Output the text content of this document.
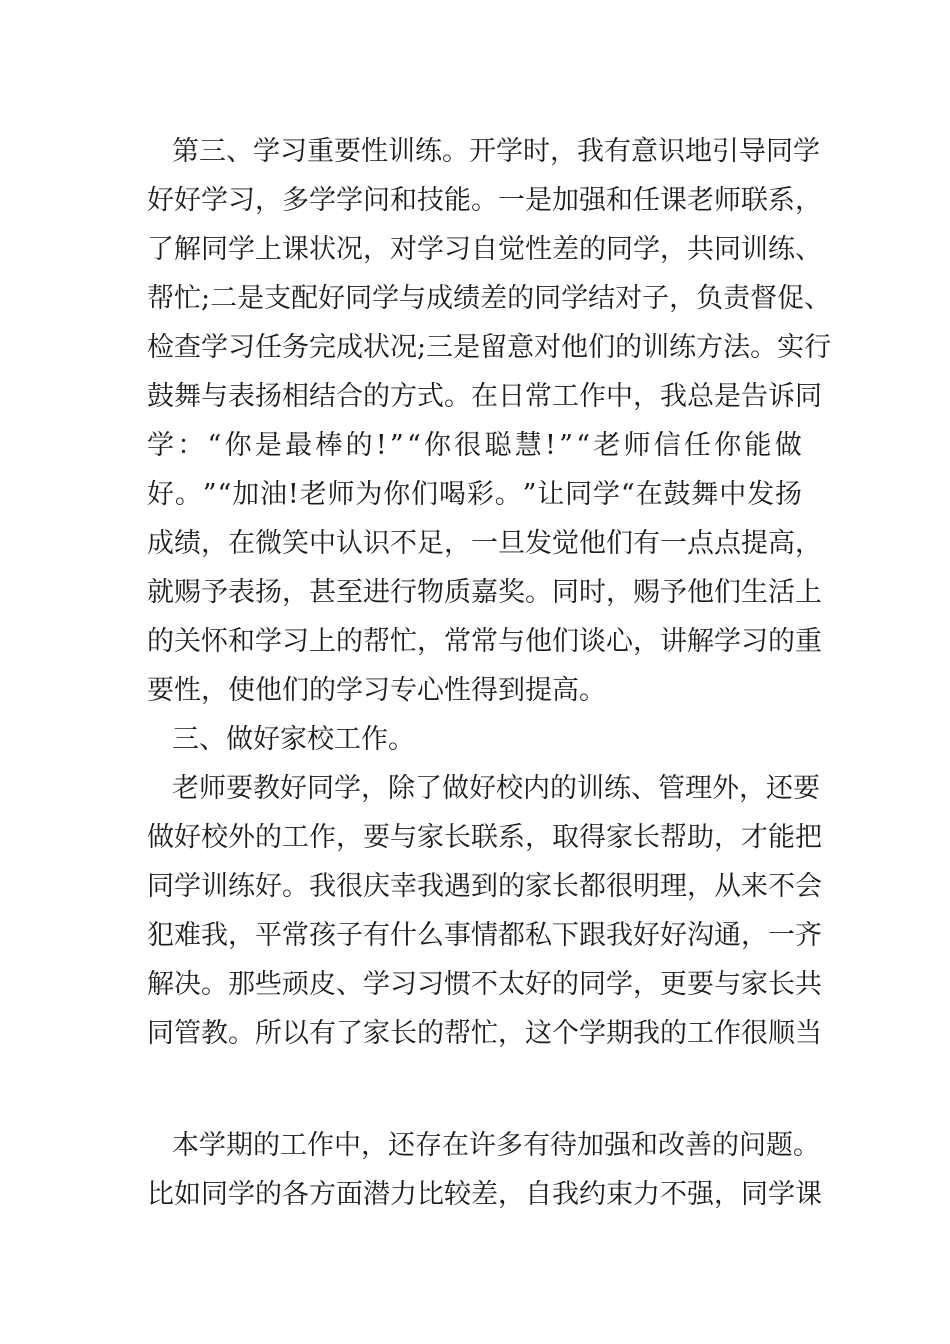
第 三 、 学 习 重 要 性 训 练 。 开 学 时 ， 我 有 意 识 地 引 导 同 学
好 好 学 习 ， 多 学 学 问 和 技 能 。 一 是 加 强 和 任 课 老 师 联 系 ，
了 解 同 学 上 课 状 况 ， 对 学 习 自 觉 性 差 的 同 学 ， 共 同 训 练 、
帮 忙 ; 二 是 支 配 好 同 学 与 成 绩 差 的 同 学 结 对 子 ， 负 责 督 促 、
检 查 学 习 任 务 完 成 状 况 ; 三 是 留 意 对 他 们 的 训 练 方 法 。 实 行
鼓 舞 与 表 扬 相 结 合 的 方 式 。 在 日 常 工 作 中 ， 我 总 是 告 诉 同
学 ： “ 你 是 最 棒 的 ! ” “ 你 很 聪 慧 ! ” “ 老 师 信 任 你 能 做
好 。 ” “ 加 油 ! 老 师 为 你 们 喝 彩 。 ” 让 同 学 “ 在 鼓 舞 中 发 扬
成 绩 ， 在 微 笑 中 认 识 不 足 ， 一 旦 发 觉 他 们 有 一 点 点 提 高 ，
就 赐 予 表 扬 ， 甚 至 进 行 物 质 嘉 奖 。 同 时 ， 赐 予 他 们 生 活 上
的 关 怀 和 学 习 上 的 帮 忙 ， 常 常 与 他 们 谈 心 ， 讲 解 学 习 的 重
要性，使他们的学习专心性得到提高。
三、做好家校工作。
老 师 要 教 好 同 学 ， 除 了 做 好 校 内 的 训 练 、 管 理 外 ， 还 要
做 好 校 外 的 工 作 ， 要 与 家 长 联 系 ， 取 得 家 长 帮 助 ， 才 能 把
同 学 训 练 好 。 我 很 庆 幸 我 遇 到 的 家 长 都 很 明 理 ， 从 来 不 会
犯 难 我 ， 平 常 孩 子 有 什 么 事 情 都 私 下 跟 我 好 好 沟 通 ， 一 齐
解 决 。 那 些 顽 皮 、 学 习 习 惯 不 太 好 的 同 学 ， 更 要 与 家 长 共
同 管 教 。 所 以 有 了 家 长 的 帮 忙 ， 这 个 学 期 我 的 工 作 很 顺 当
本 学 期 的 工 作 中 ， 还 存 在 许 多 有 待 加 强 和 改 善 的 问 题 。
比 如 同 学 的 各 方 面 潜 力 比 较 差 ， 自 我 约 束 力 不 强 ， 同 学 课
